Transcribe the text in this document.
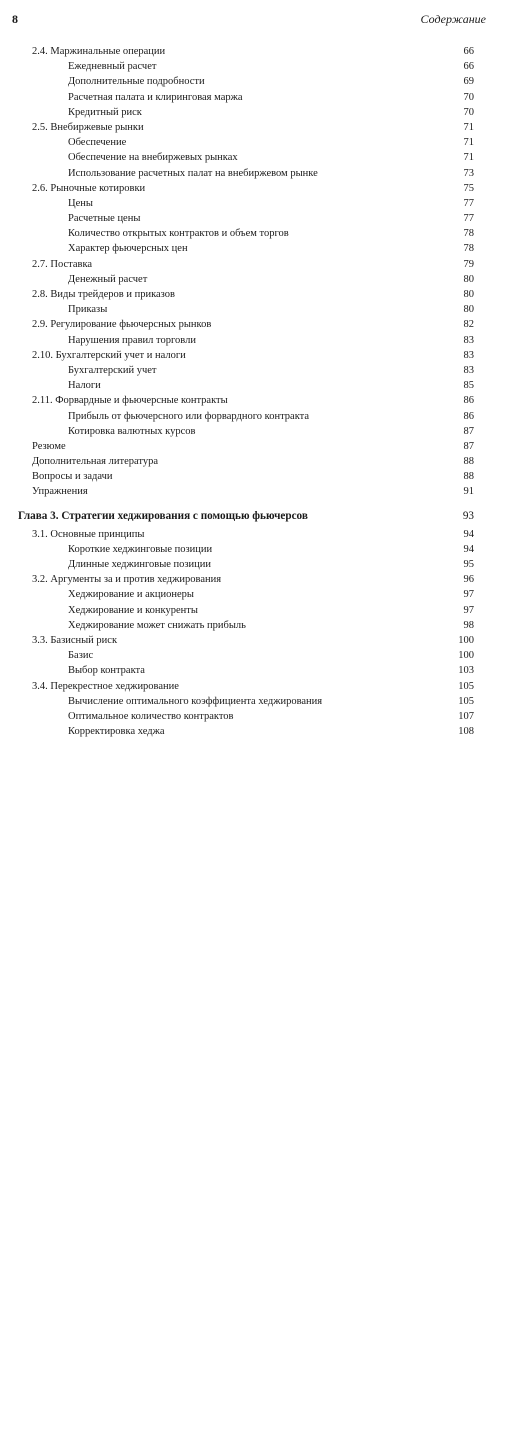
8	Содержание
2.4. Маржинальные операции	66
Ежедневный расчет	66
Дополнительные подробности	69
Расчетная палата и клиринговая маржа	70
Кредитный риск	70
2.5. Внебиржевые рынки	71
Обеспечение	71
Обеспечение на внебиржевых рынках	71
Использование расчетных палат на внебиржевом рынке	73
2.6. Рыночные котировки	75
Цены	77
Расчетные цены	77
Количество открытых контрактов и объем торгов	78
Характер фьючерсных цен	78
2.7. Поставка	79
Денежный расчет	80
2.8. Виды трейдеров и приказов	80
Приказы	80
2.9. Регулирование фьючерсных рынков	82
Нарушения правил торговли	83
2.10. Бухгалтерский учет и налоги	83
Бухгалтерский учет	83
Налоги	85
2.11. Форвардные и фьючерсные контракты	86
Прибыль от фьючерсного или форвардного контракта	86
Котировка валютных курсов	87
Резюме	87
Дополнительная литература	88
Вопросы и задачи	88
Упражнения	91
Глава 3. Стратегии хеджирования с помощью фьючерсов	93
3.1. Основные принципы	94
Короткие хеджинговые позиции	94
Длинные хеджинговые позиции	95
3.2. Аргументы за и против хеджирования	96
Хеджирование и акционеры	97
Хеджирование и конкуренты	97
Хеджирование может снижать прибыль	98
3.3. Базисный риск	100
Базис	100
Выбор контракта	103
3.4. Перекрестное хеджирование	105
Вычисление оптимального коэффициента хеджирования	105
Оптимальное количество контрактов	107
Корректировка хеджа	108
